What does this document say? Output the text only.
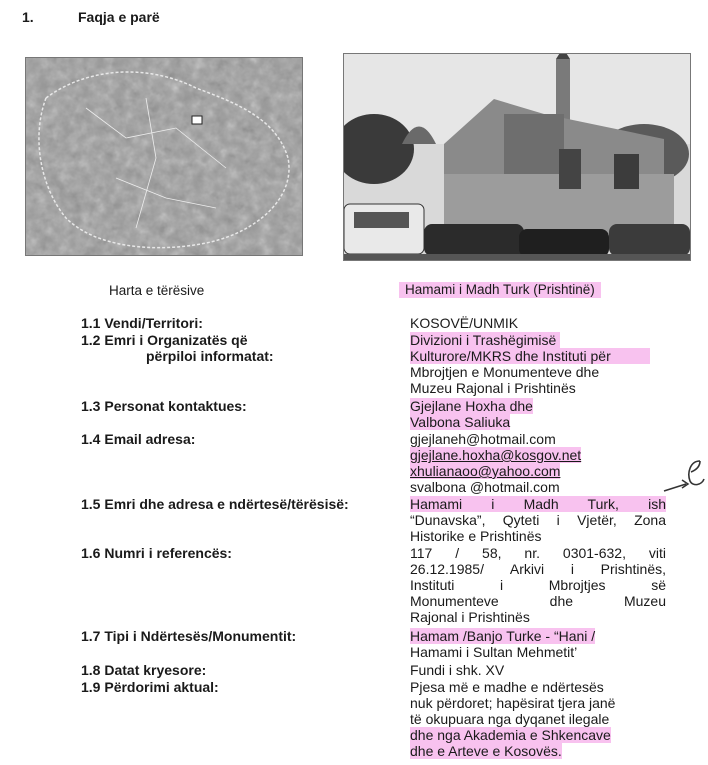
1.	Faqja e parë
Harta e tërësive	Hamami i Madh Turk (Prishtinë)
1.1 Vendi/Territori:	KOSOVË/UNMIK
1.2 Emri i Organizatës që
përpiloi informatat:
Divizioni i Trashëgimisë
Kulturore/MKRS dhe Instituti për
Mbrojtjen e Monumenteve dhe
Muzeu Rajonal i Prishtinës
1.3 Personat kontaktues:	Gjejlane Hoxha dhe
Valbona Saliuka
1.4 Email adresa:	gjejlaneh@hotmail.com
gjejlane.hoxha@kosgov.net
xhulianaoo@yahoo.com
svalbona @hotmail.com
1.5 Emri dhe adresa e ndërtesë/tërësisë:	Hamami i Madh Turk, ish
“Dunavska”, Qyteti i Vjetër, Zona
Historike e Prishtinës
1.6 Numri i referencës:	117 / 58, nr. 0301-632, viti
26.12.1985/ Arkivi i Prishtinës,
Instituti i Mbrojtjes së
Monumenteve dhe Muzeu
Rajonal i Prishtinës
1.7 Tipi i Ndërtesës/Monumentit:	Hamam /Banjo Turke - “Hani /
Hamami i Sultan Mehmetit’
1.8 Datat kryesore:	Fundi i shk. XV
1.9 Përdorimi aktual:	Pjesa më e madhe e ndërtesës
nuk përdoret; hapësirat tjera janë
të okupuara nga dyqanet ilegale
dhe nga Akademia e Shkencave
dhe e Arteve e Kosovës.
